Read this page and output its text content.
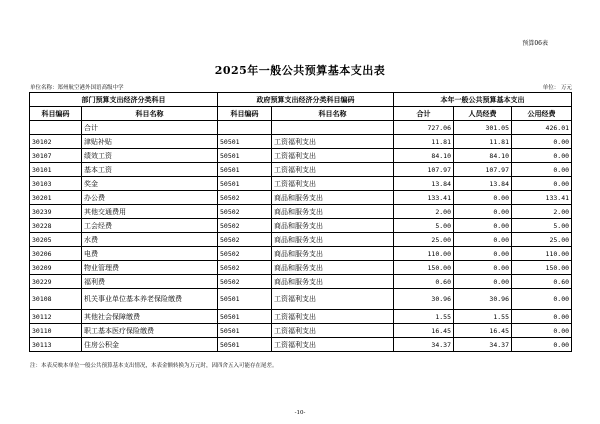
预算06表
2025年一般公共预算基本支出表
单位名称：郑州航空港外国语高级中学	单位： 万元
部门预算支出经济分类科目		政府预算支出经济分类科目编码		本年一般公共预算基本支出		
科目编码	科目名称	科目编码	科目名称	合计	人员经费	公用经费
	合计			727.06	301.05	426.01
30102	津贴补贴	50501	工资福利支出	11.81	11.81	0.00
30107	绩效工资	50501	工资福利支出	84.10	84.10	0.00
30101	基本工资	50501	工资福利支出	107.97	107.97	0.00
30103	奖金	50501	工资福利支出	13.84	13.84	0.00
30201	办公费	50502	商品和服务支出	133.41	0.00	133.41
30239	其他交通费用	50502	商品和服务支出	2.00	0.00	2.00
30228	工会经费	50502	商品和服务支出	5.00	0.00	5.00
30205	水费	50502	商品和服务支出	25.00	0.00	25.00
30206	电费	50502	商品和服务支出	110.00	0.00	110.00
30209	物业管理费	50502	商品和服务支出	150.00	0.00	150.00
30229	福利费	50502	商品和服务支出	0.60	0.00	0.60
30108	机关事业单位基本养老保险缴费	50501	工资福利支出	30.96	30.96	0.00
30112	其他社会保障缴费	50501	工资福利支出	1.55	1.55	0.00
30110	职工基本医疗保险缴费	50501	工资福利支出	16.45	16.45	0.00
30113	住房公积金	50501	工资福利支出	34.37	34.37	0.00
注：本表反映本单位一般公共预算基本支出情况，本表金额转换为万元时，因四舍五入可能存在尾差。
-10-
